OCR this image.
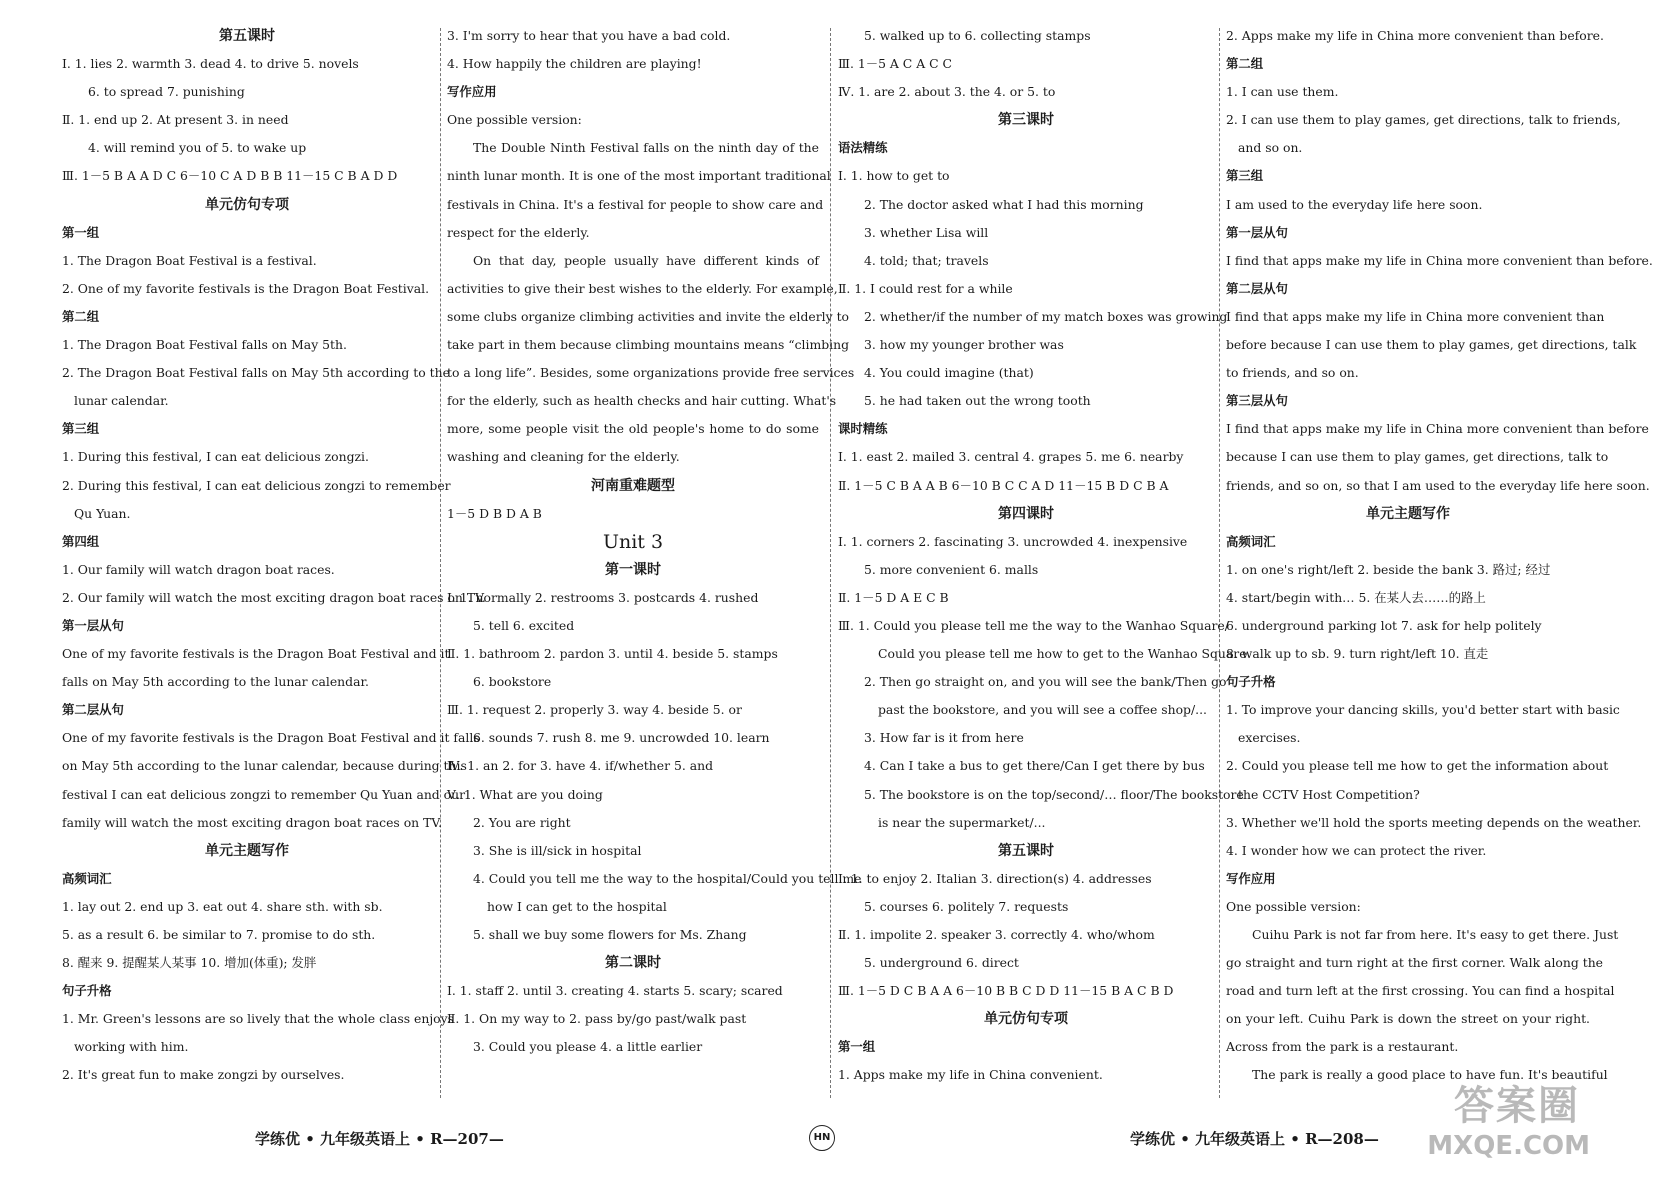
第五课时
Ⅰ. 1. lies 2. warmth 3. dead 4. to drive 5. novels
6. to spread 7. punishing
Ⅱ. 1. end up 2. At present 3. in need
4. will remind you of 5. to wake up
Ⅲ. 1－5 B A A D C 6－10 C A D B B 11－15 C B A D D
单元仿句专项
第一组
1. The Dragon Boat Festival is a festival.
2. One of my favorite festivals is the Dragon Boat Festival.
第二组
1. The Dragon Boat Festival falls on May 5th.
2. The Dragon Boat Festival falls on May 5th according to the
lunar calendar.
第三组
1. During this festival, I can eat delicious zongzi.
2. During this festival, I can eat delicious zongzi to remember
Qu Yuan.
第四组
1. Our family will watch dragon boat races.
2. Our family will watch the most exciting dragon boat races on TV.
第一层从句
One of my favorite festivals is the Dragon Boat Festival and it
falls on May 5th according to the lunar calendar.
第二层从句
One of my favorite festivals is the Dragon Boat Festival and it falls
on May 5th according to the lunar calendar, because during this
festival I can eat delicious zongzi to remember Qu Yuan and our
family will watch the most exciting dragon boat races on TV.
单元主题写作
高频词汇
1. lay out 2. end up 3. eat out 4. share sth. with sb.
5. as a result 6. be similar to 7. promise to do sth.
8. 醒来 9. 提醒某人某事 10. 增加(体重); 发胖
句子升格
1. Mr. Green's lessons are so lively that the whole class enjoys
working with him.
2. It's great fun to make zongzi by ourselves.
3. I'm sorry to hear that you have a bad cold.
4. How happily the children are playing!
写作应用
One possible version:
The Double Ninth Festival falls on the ninth day of the
ninth lunar month. It is one of the most important traditional
festivals in China. It's a festival for people to show care and
respect for the elderly.
On that day, people usually have different kinds of
activities to give their best wishes to the elderly. For example,
some clubs organize climbing activities and invite the elderly to
take part in them because climbing mountains means “climbing
to a long life”. Besides, some organizations provide free services
for the elderly, such as health checks and hair cutting. What's
more, some people visit the old people's home to do some
washing and cleaning for the elderly.
河南重难题型
1－5 D B D A B
Unit 3
第一课时
Ⅰ. 1. normally 2. restrooms 3. postcards 4. rushed
5. tell 6. excited
Ⅱ. 1. bathroom 2. pardon 3. until 4. beside 5. stamps
6. bookstore
Ⅲ. 1. request 2. properly 3. way 4. beside 5. or
6. sounds 7. rush 8. me 9. uncrowded 10. learn
Ⅳ. 1. an 2. for 3. have 4. if/whether 5. and
Ⅴ. 1. What are you doing
2. You are right
3. She is ill/sick in hospital
4. Could you tell me the way to the hospital/Could you tell me
how I can get to the hospital
5. shall we buy some flowers for Ms. Zhang
第二课时
Ⅰ. 1. staff 2. until 3. creating 4. starts 5. scary; scared
Ⅱ. 1. On my way to 2. pass by/go past/walk past
3. Could you please 4. a little earlier
5. walked up to 6. collecting stamps
Ⅲ. 1－5 A C A C C
Ⅳ. 1. are 2. about 3. the 4. or 5. to
第三课时
语法精练
Ⅰ. 1. how to get to
2. The doctor asked what I had this morning
3. whether Lisa will
4. told; that; travels
Ⅱ. 1. I could rest for a while
2. whether/if the number of my match boxes was growing
3. how my younger brother was
4. You could imagine (that)
5. he had taken out the wrong tooth
课时精练
Ⅰ. 1. east 2. mailed 3. central 4. grapes 5. me 6. nearby
Ⅱ. 1－5 C B A A B 6－10 B C C A D 11－15 B D C B A
第四课时
Ⅰ. 1. corners 2. fascinating 3. uncrowded 4. inexpensive
5. more convenient 6. malls
Ⅱ. 1－5 D A E C B
Ⅲ. 1. Could you please tell me the way to the Wanhao Square/
Could you please tell me how to get to the Wanhao Square
2. Then go straight on, and you will see the bank/Then go
past the bookstore, and you will see a coffee shop/...
3. How far is it from here
4. Can I take a bus to get there/Can I get there by bus
5. The bookstore is on the top/second/… floor/The bookstore
is near the supermarket/...
第五课时
Ⅰ. 1. to enjoy 2. Italian 3. direction(s) 4. addresses
5. courses 6. politely 7. requests
Ⅱ. 1. impolite 2. speaker 3. correctly 4. who/whom
5. underground 6. direct
Ⅲ. 1－5 D C B A A 6－10 B B C D D 11－15 B A C B D
单元仿句专项
第一组
1. Apps make my life in China convenient.
2. Apps make my life in China more convenient than before.
第二组
1. I can use them.
2. I can use them to play games, get directions, talk to friends,
and so on.
第三组
I am used to the everyday life here soon.
第一层从句
I find that apps make my life in China more convenient than before.
第二层从句
I find that apps make my life in China more convenient than
before because I can use them to play games, get directions, talk
to friends, and so on.
第三层从句
I find that apps make my life in China more convenient than before
because I can use them to play games, get directions, talk to
friends, and so on, so that I am used to the everyday life here soon.
单元主题写作
高频词汇
1. on one's right/left 2. beside the bank 3. 路过; 经过
4. start/begin with… 5. 在某人去……的路上
6. underground parking lot 7. ask for help politely
8. walk up to sb. 9. turn right/left 10. 直走
句子升格
1. To improve your dancing skills, you'd better start with basic
exercises.
2. Could you please tell me how to get the information about
the CCTV Host Competition?
3. Whether we'll hold the sports meeting depends on the weather.
4. I wonder how we can protect the river.
写作应用
One possible version:
Cuihu Park is not far from here. It's easy to get there. Just
go straight and turn right at the first corner. Walk along the
road and turn left at the first crossing. You can find a hospital
on your left. Cuihu Park is down the street on your right.
Across from the park is a restaurant.
The park is really a good place to have fun. It's beautiful
学练优 • 九年级英语上 • R—207—	HN	学练优 • 九年级英语上 • R—208—
答案圈
MXQE.COM
